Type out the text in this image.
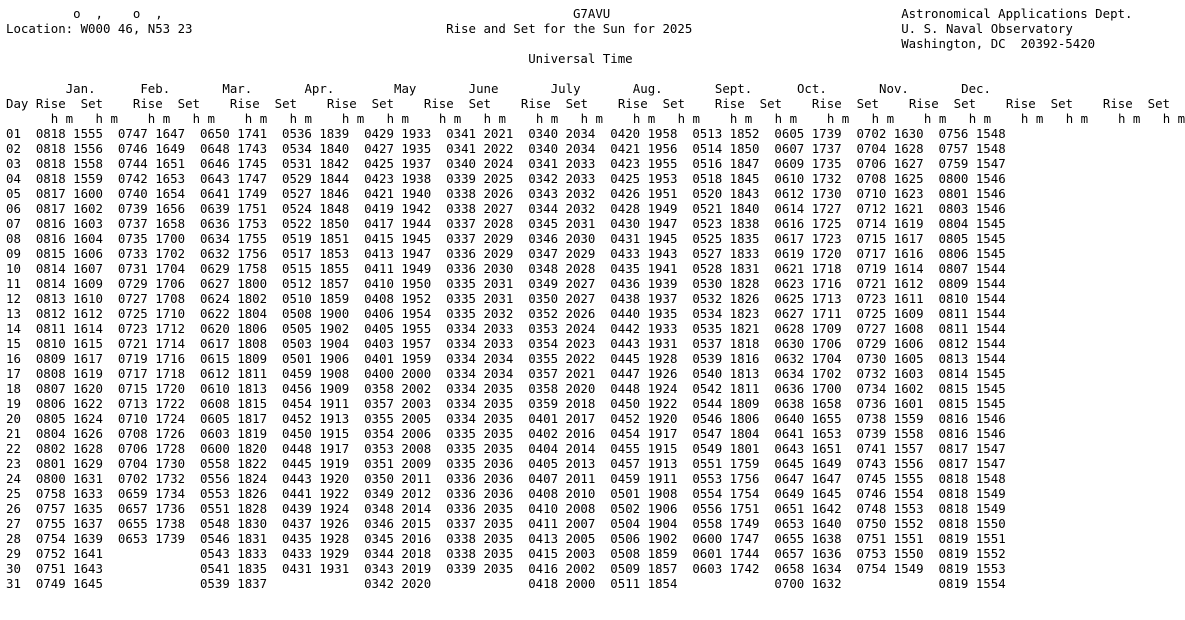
o  ,    o  ,	G7AVU	Astronomical Applications Dept.
Location: W000 46, N53 23	Rise and Set for the Sun for 2025	U. S. Naval Observatory
Washington, DC  20392-5420
Universal Time

Jan.	Feb.	Mar.	Apr.	May	June	July	Aug.	Sept.	Oct.	Nov.	Dec.
Day Rise Set Rise Set Rise Set Rise Set Rise Set Rise Set Rise Set Rise Set Rise Set Rise Set Rise Set Rise Set
h m h m h m h m h m h m h m h m h m h m h m h m h m h m h m h m h m h m h m h m h m h m h m h m
01 0818 1555 0747 1647 0650 1741 0536 1839 0429 1933 0341 2021 0340 2034 0420 1958 0513 1852 0605 1739 0702 1630 0756 1548
02 0818 1556 0746 1649 0648 1743 0534 1840 0427 1935 0341 2022 0340 2034 0421 1956 0514 1850 0607 1737 0704 1628 0757 1548
03 0818 1558 0744 1651 0646 1745 0531 1842 0425 1937 0340 2024 0341 2033 0423 1955 0516 1847 0609 1735 0706 1627 0759 1547
04 0818 1559 0742 1653 0643 1747 0529 1844 0423 1938 0339 2025 0342 2033 0425 1953 0518 1845 0610 1732 0708 1625 0800 1546
05 0817 1600 0740 1654 0641 1749 0527 1846 0421 1940 0338 2026 0343 2032 0426 1951 0520 1843 0612 1730 0710 1623 0801 1546
06 0817 1602 0739 1656 0639 1751 0524 1848 0419 1942 0338 2027 0344 2032 0428 1949 0521 1840 0614 1727 0712 1621 0803 1546
07 0816 1603 0737 1658 0636 1753 0522 1850 0417 1944 0337 2028 0345 2031 0430 1947 0523 1838 0616 1725 0714 1619 0804 1545
08 0816 1604 0735 1700 0634 1755 0519 1851 0415 1945 0337 2029 0346 2030 0431 1945 0525 1835 0617 1723 0715 1617 0805 1545
09 0815 1606 0733 1702 0632 1756 0517 1853 0413 1947 0336 2029 0347 2029 0433 1943 0527 1833 0619 1720 0717 1616 0806 1545
10 0814 1607 0731 1704 0629 1758 0515 1855 0411 1949 0336 2030 0348 2028 0435 1941 0528 1831 0621 1718 0719 1614 0807 1544
11 0814 1609 0729 1706 0627 1800 0512 1857 0410 1950 0335 2031 0349 2027 0436 1939 0530 1828 0623 1716 0721 1612 0809 1544
12 0813 1610 0727 1708 0624 1802 0510 1859 0408 1952 0335 2031 0350 2027 0438 1937 0532 1826 0625 1713 0723 1611 0810 1544
13 0812 1612 0725 1710 0622 1804 0508 1900 0406 1954 0335 2032 0352 2026 0440 1935 0534 1823 0627 1711 0725 1609 0811 1544
14 0811 1614 0723 1712 0620 1806 0505 1902 0405 1955 0334 2033 0353 2024 0442 1933 0535 1821 0628 1709 0727 1608 0811 1544
15 0810 1615 0721 1714 0617 1808 0503 1904 0403 1957 0334 2033 0354 2023 0443 1931 0537 1818 0630 1706 0729 1606 0812 1544
16 0809 1617 0719 1716 0615 1809 0501 1906 0401 1959 0334 2034 0355 2022 0445 1928 0539 1816 0632 1704 0730 1605 0813 1544
17 0808 1619 0717 1718 0612 1811 0459 1908 0400 2000 0334 2034 0357 2021 0447 1926 0540 1813 0634 1702 0732 1603 0814 1545
18 0807 1620 0715 1720 0610 1813 0456 1909 0358 2002 0334 2035 0358 2020 0448 1924 0542 1811 0636 1700 0734 1602 0815 1545
19 0806 1622 0713 1722 0608 1815 0454 1911 0357 2003 0334 2035 0359 2018 0450 1922 0544 1809 0638 1658 0736 1601 0815 1545
20 0805 1624 0710 1724 0605 1817 0452 1913 0355 2005 0334 2035 0401 2017 0452 1920 0546 1806 0640 1655 0738 1559 0816 1546
21 0804 1626 0708 1726 0603 1819 0450 1915 0354 2006 0335 2035 0402 2016 0454 1917 0547 1804 0641 1653 0739 1558 0816 1546
22 0802 1628 0706 1728 0600 1820 0448 1917 0353 2008 0335 2035 0404 2014 0455 1915 0549 1801 0643 1651 0741 1557 0817 1547
23 0801 1629 0704 1730 0558 1822 0445 1919 0351 2009 0335 2036 0405 2013 0457 1913 0551 1759 0645 1649 0743 1556 0817 1547
24 0800 1631 0702 1732 0556 1824 0443 1920 0350 2011 0336 2036 0407 2011 0459 1911 0553 1756 0647 1647 0745 1555 0818 1548
25 0758 1633 0659 1734 0553 1826 0441 1922 0349 2012 0336 2036 0408 2010 0501 1908 0554 1754 0649 1645 0746 1554 0818 1549
26 0757 1635 0657 1736 0551 1828 0439 1924 0348 2014 0336 2035 0410 2008 0502 1906 0556 1751 0651 1642 0748 1553 0818 1549
27 0755 1637 0655 1738 0548 1830 0437 1926 0346 2015 0337 2035 0411 2007 0504 1904 0558 1749 0653 1640 0750 1552 0818 1550
28 0754 1639 0653 1739 0546 1831 0435 1928 0345 2016 0338 2035 0413 2005 0506 1902 0600 1747 0655 1638 0751 1551 0819 1551
29 0752 1641	0543 1833 0433 1929 0344 2018 0338 2035 0415 2003 0508 1859 0601 1744 0657 1636 0753 1550 0819 1552
30 0751 1643	0541 1835 0431 1931 0343 2019 0339 2035 0416 2002 0509 1857 0603 1742 0658 1634 0754 1549 0819 1553
31 0749 1645	0539 1837	0342 2020	0418 2000 0511 1854	0700 1632	0819 1554
